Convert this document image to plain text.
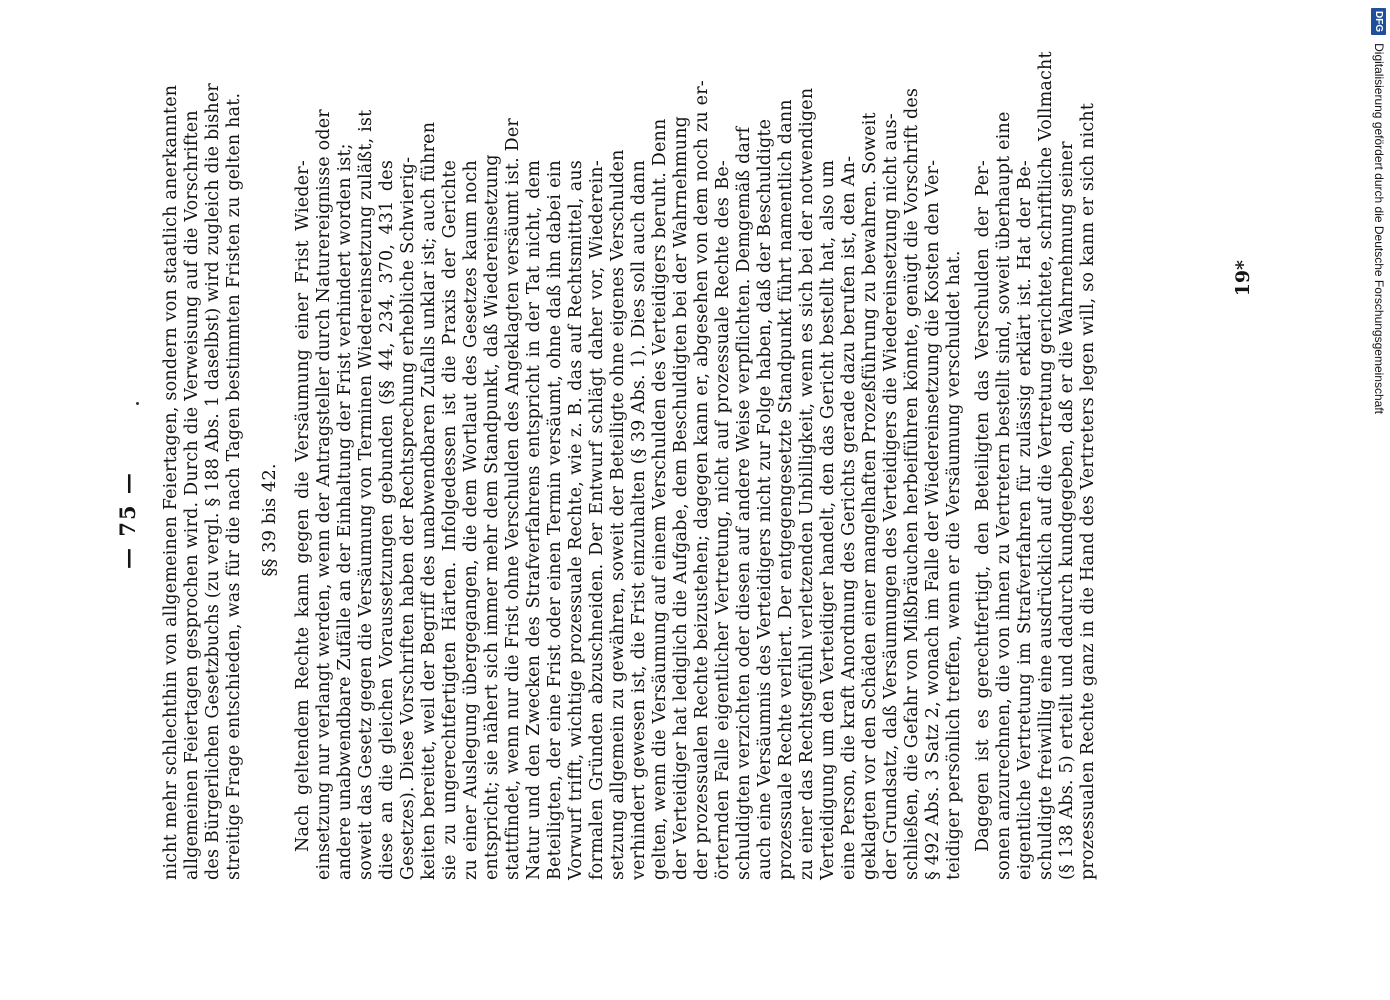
— 75 — nicht mehr schlechthin von allgemeinen Feiertagen, sondern von staatlich anerkannten allgemeinen Feiertagen gesprochen wird. Durch die Verweisung auf die Vorschriften des Bürgerlichen Gesetzbuchs (zu vergl. § 188 Abs. 1 daselbst) wird zugleich die bisher streitige Frage entschieden, was für die nach Tagen bestimmten Fristen zu gelten hat. §§ 39 bis 42. Nach geltendem Rechte kann gegen die Versäumung einer Frist Wieder- einsetzung nur verlangt werden, wenn der Antragsteller durch Naturereignisse oder andere unabwendbare Zufälle an der Einhaltung der Frist verhindert worden ist; soweit das Gesetz gegen die Versäumung von Terminen Wiedereinsetzung zuläßt, ist diese an die gleichen Voraussetzungen gebunden (§§ 44, 234, 370, 431 des Gesetzes). Diese Vorschriften haben der Rechtsprechung erhebliche Schwierig- keiten bereitet, weil der Begriff des unabwendbaren Zufalls unklar ist; auch führen sie zu ungerechtfertigten Härten. Infolgedessen ist die Praxis der Gerichte zu einer Auslegung übergegangen, die dem Wortlaut des Gesetzes kaum noch entspricht; sie nähert sich immer mehr dem Standpunkt, daß Wiedereinsetzung stattfindet, wenn nur die Frist ohne Verschulden des Angeklagten versäumt ist. Der Natur und den Zwecken des Strafverfahrens entspricht in der Tat nicht, dem Beteiligten, der eine Frist oder einen Termin versäumt, ohne daß ihn dabei ein Vorwurf trifft, wichtige prozessuale Rechte, wie z. B. das auf Rechtsmittel, aus formalen Gründen abzuschneiden. Der Entwurf schlägt daher vor, Wiederein- setzung allgemein zu gewähren, soweit der Beteiligte ohne eigenes Verschulden verhindert gewesen ist, die Frist einzuhalten (§ 39 Abs. 1). Dies soll auch dann gelten, wenn die Versäumung auf einem Verschulden des Verteidigers beruht. Denn der Verteidiger hat lediglich die Aufgabe, dem Beschuldigten bei der Wahrnehmung der prozessualen Rechte beizustehen; dagegen kann er, abgesehen von dem noch zu er- örternden Falle eigentlicher Vertretung, nicht auf prozessuale Rechte des Be- schuldigten verzichten oder diesen auf andere Weise verpflichten. Demgemäß darf auch eine Versäumnis des Verteidigers nicht zur Folge haben, daß der Beschuldigte prozessuale Rechte verliert. Der entgegengesetzte Standpunkt führt namentlich dann zu einer das Rechtsgefühl verletzenden Unbilligkeit, wenn es sich bei der notwendigen Verteidigung um den Verteidiger handelt, den das Gericht bestellt hat, also um eine Person, die kraft Anordnung des Gerichts gerade dazu berufen ist, den An- geklagten vor den Schäden einer mangelhaften Prozeßführung zu bewahren. Soweit der Grundsatz, daß Versäumungen des Verteidigers die Wiedereinsetzung nicht aus- schließen, die Gefahr von Mißbräuchen herbeiführen könnte, genügt die Vorschrift des § 492 Abs. 3 Satz 2, wonach im Falle der Wiedereinsetzung die Kosten den Ver- teidiger persönlich treffen, wenn er die Versäumung verschuldet hat. Dagegen ist es gerechtfertigt, den Beteiligten das Verschulden der Per- sonen anzurechnen, die von ihnen zu Vertretern bestellt sind, soweit überhaupt eine eigentliche Vertretung im Strafverfahren für zulässig erklärt ist. Hat der Be- schuldigte freiwillig eine ausdrücklich auf die Vertretung gerichtete, schriftliche Vollmacht (§ 138 Abs. 5) erteilt und dadurch kundgegeben, daß er die Wahrnehmung seiner prozessualen Rechte ganz in die Hand des Vertreters legen will, so kann er sich nicht	19*
DFG
Digitalisierung gefördert durch die Deutsche Forschungsgemeinschaft
